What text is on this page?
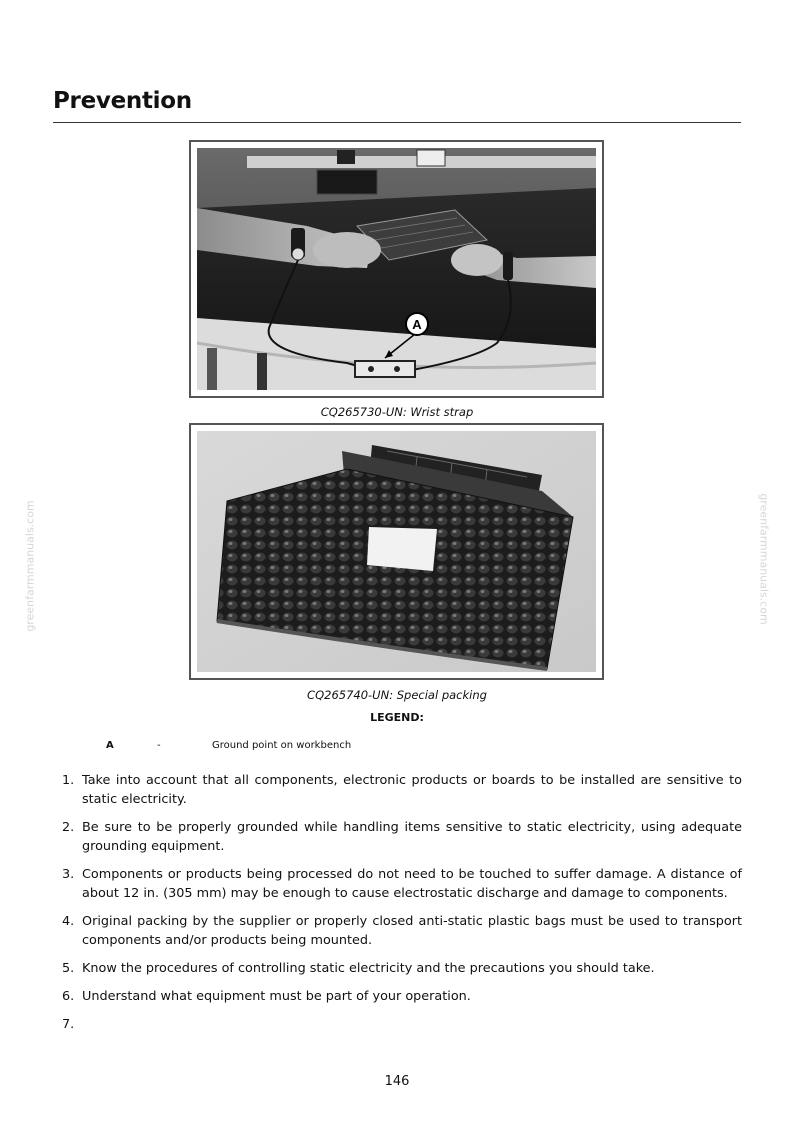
Prevention
A
CQ265730-UN: Wrist strap
CQ265740-UN: Special packing
LEGEND:
A	-	Ground point on workbench
1. Take into account that all components, electronic products or boards to be installed are sensitive to static electricity.
2. Be sure to be properly grounded while handling items sensitive to static electricity, using adequate grounding equipment.
3. Components or products being processed do not need to be touched to suffer damage. A distance of about 12 in. (305 mm) may be enough to cause electrostatic discharge and damage to components.
4. Original packing by the supplier or properly closed anti-static plastic bags must be used to transport components and/or products being mounted.
5. Know the procedures of controlling static electricity and the precautions you should take.
6. Understand what equipment must be part of your operation.
7.
greenfarmmanuals.com	greenfarmmanuals.com
146
